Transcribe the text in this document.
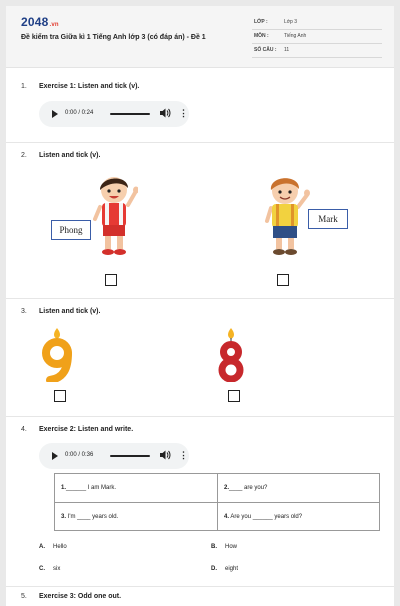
2048.vn
Đề kiểm tra Giữa kì 1 Tiếng Anh lớp 3 (có đáp án) - Đề 1
LỚP :	Lớp 3
MÔN :	Tiếng Anh
SỐ CÂU : 11
1. Exercise 1: Listen and tick (v).
0:00 / 0:24	⋮
2. Listen and tick (v).
Phong
Mark
3. Listen and tick (v).
4. Exercise 2: Listen and write.
0:00 / 0:36	⋮
1.______ I am Mark.	2.____ are you?
3. I'm ____ years old.	4. Are you ______ years old?
A. Hello	B. How
C. six	D. eight
5. Exercise 3: Odd one out.
